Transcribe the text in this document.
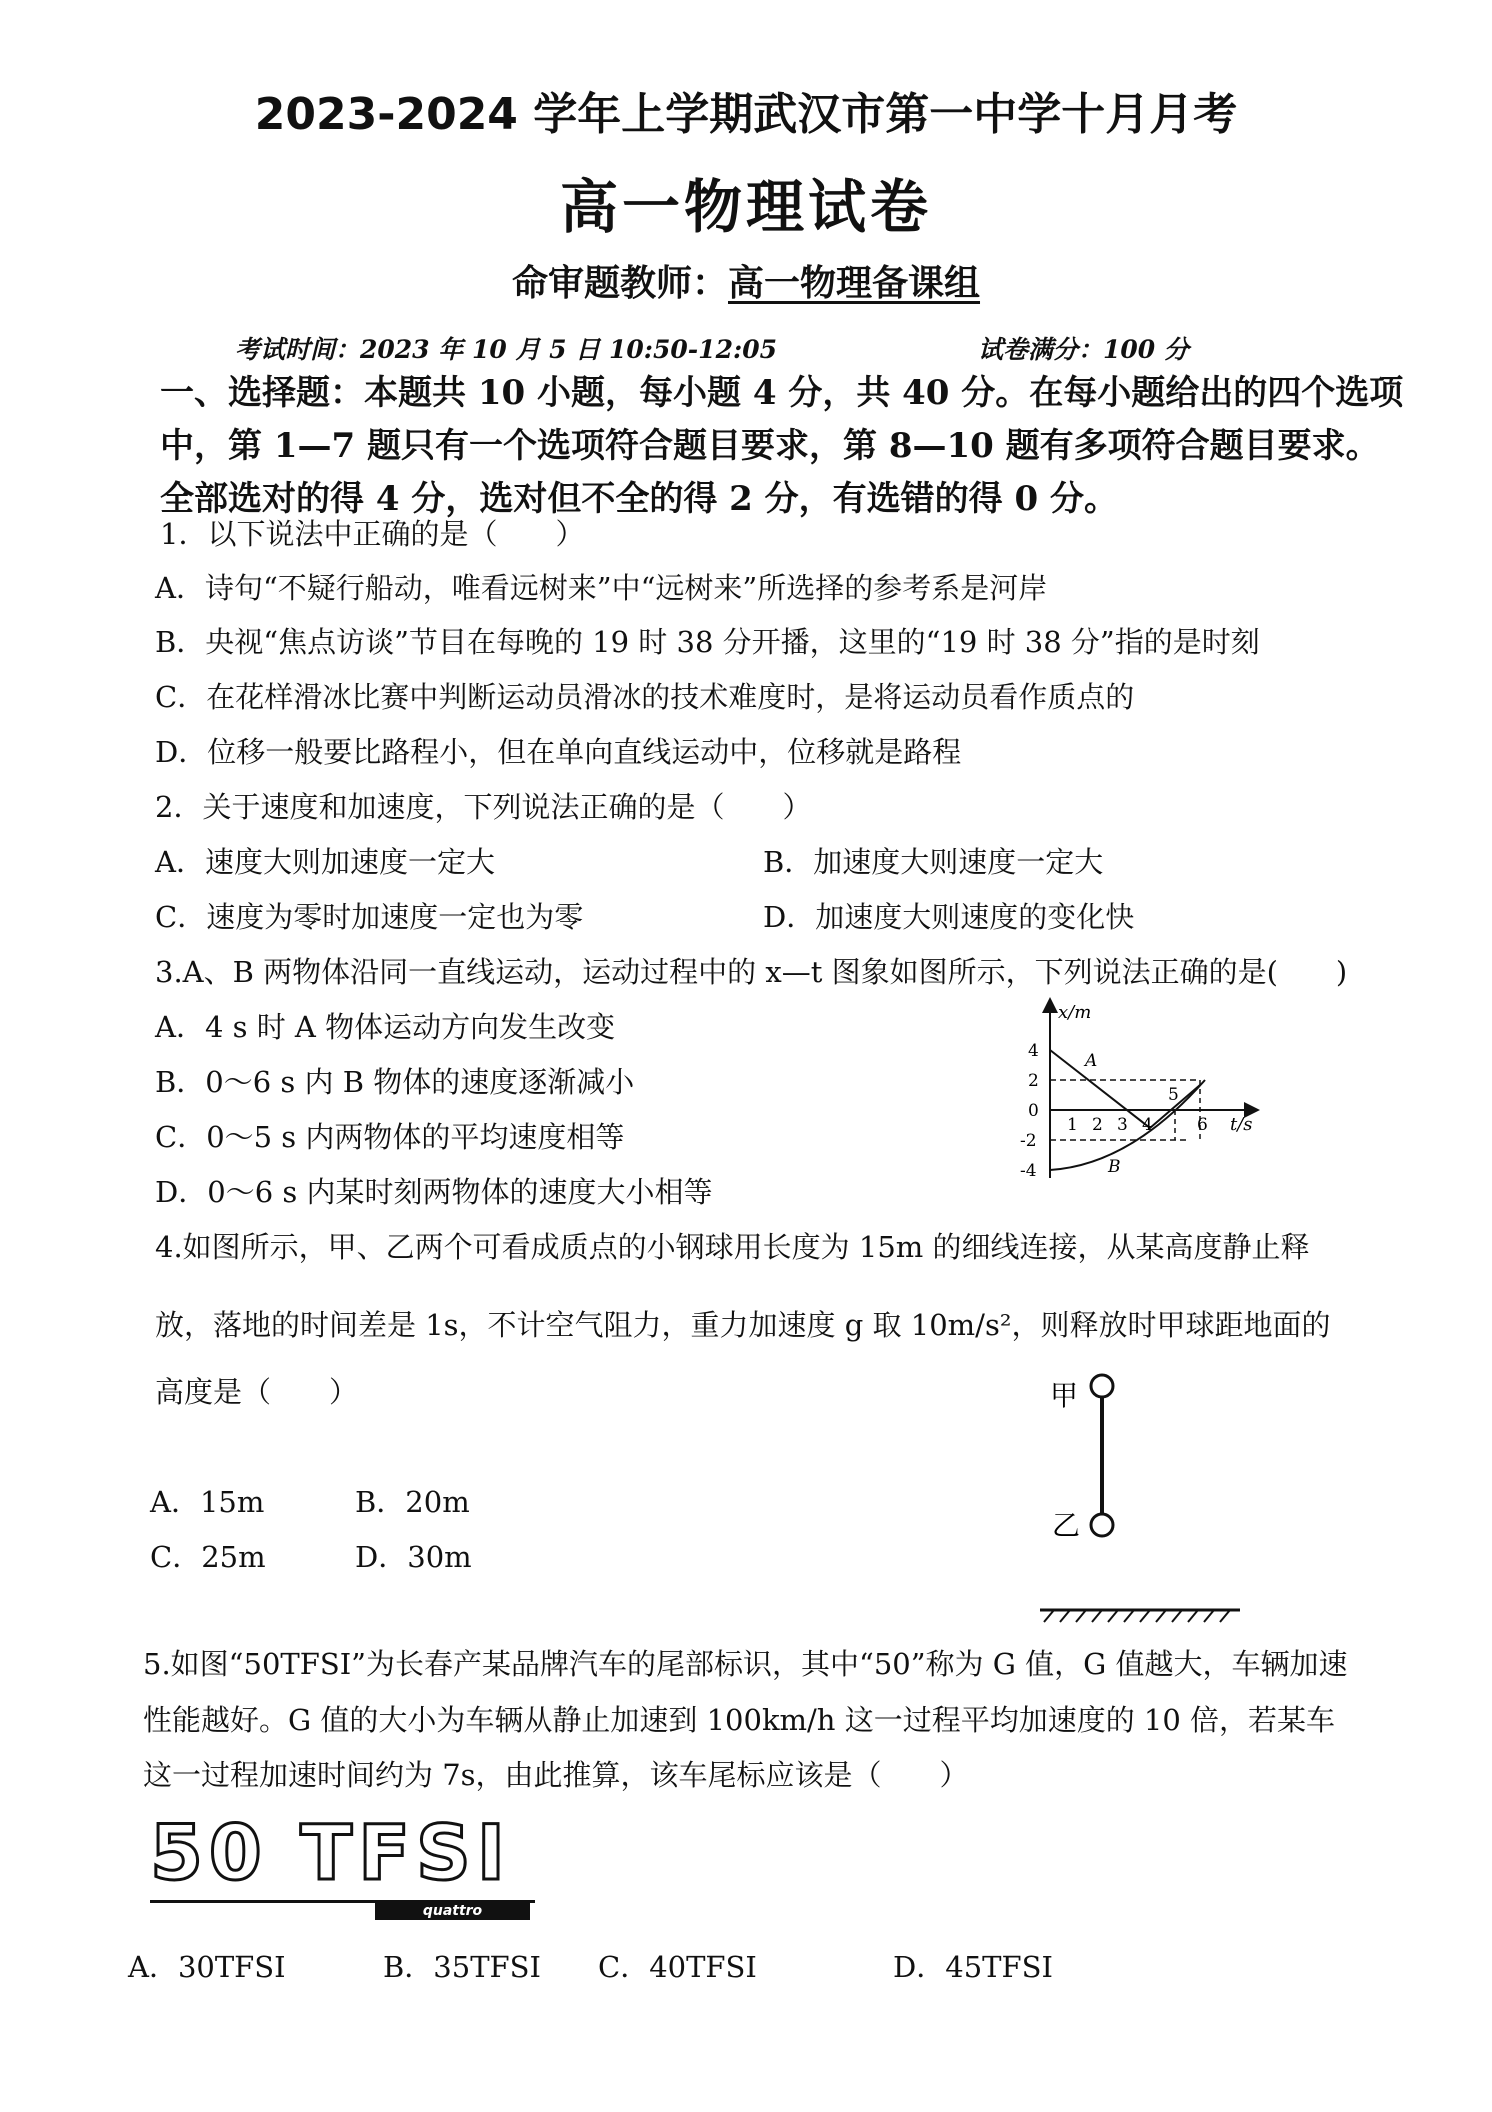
2023-2024 学年上学期武汉市第一中学十月月考
高一物理试卷
命审题教师：高一物理备课组
考试时间：2023 年 10 月 5 日 10:50-12:05	试卷满分：100 分
一、选择题：本题共 10 小题，每小题 4 分，共 40 分。在每小题给出的四个选项
中，第 1—7 题只有一个选项符合题目要求，第 8—10 题有多项符合题目要求。
全部选对的得 4 分，选对但不全的得 2 分，有选错的得 0 分。
1．以下说法中正确的是（　　）
A．诗句“不疑行船动，唯看远树来”中“远树来”所选择的参考系是河岸
B．央视“焦点访谈”节目在每晚的 19 时 38 分开播，这里的“19 时 38 分”指的是时刻
C．在花样滑冰比赛中判断运动员滑冰的技术难度时，是将运动员看作质点的
D．位移一般要比路程小，但在单向直线运动中，位移就是路程
2．关于速度和加速度，下列说法正确的是（　　）
A．速度大则加速度一定大	B．加速度大则速度一定大
C．速度为零时加速度一定也为零	D．加速度大则速度的变化快
3.A、B 两物体沿同一直线运动，运动过程中的 x—t 图象如图所示，下列说法正确的是(　　)
A．4 s 时 A 物体运动方向发生改变
B．0～6 s 内 B 物体的速度逐渐减小
C．0～5 s 内两物体的平均速度相等
D．0～6 s 内某时刻两物体的速度大小相等
x/m
t/s
4
2
0
-2
-4
1 2 3 4	6
5
A
B
4.如图所示，甲、乙两个可看成质点的小钢球用长度为 15m 的细线连接，从某高度静止释
放，落地的时间差是 1s，不计空气阻力，重力加速度 g 取 10m/s²，则释放时甲球距地面的
高度是（　　）
A．15m	B．20m
C．25m	D．30m
甲
乙
5.如图“50TFSI”为长春产某品牌汽车的尾部标识，其中“50”称为 G 值，G 值越大，车辆加速
性能越好。G 值的大小为车辆从静止加速到 100km/h 这一过程平均加速度的 10 倍，若某车
这一过程加速时间约为 7s，由此推算，该车尾标应该是（　　）
50 TFSI
quattro
A．30TFSI	B．35TFSI C．40TFSI	D．45TFSI
